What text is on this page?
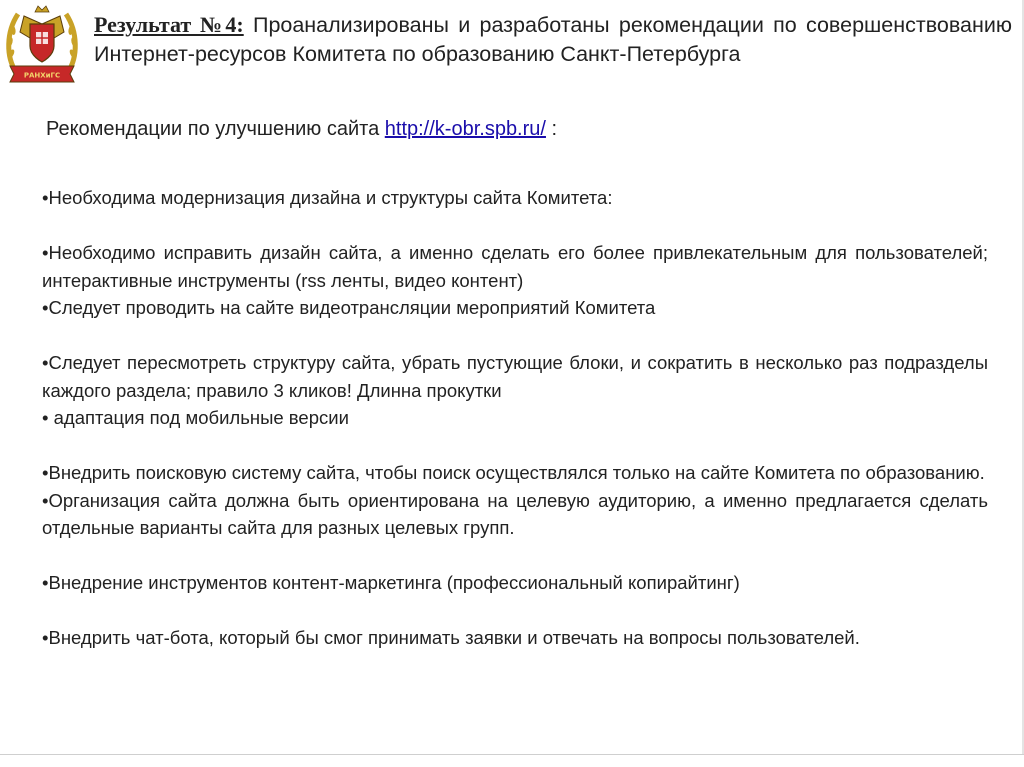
РАНХиГС
Результат №4: Проанализированы и разработаны рекомендации по совершенствованию Интернет-ресурсов Комитета по образованию Санкт-Петербурга
Рекомендации по улучшению сайта http://k-obr.spb.ru/ :

•Необходима модернизация дизайна и структуры сайта Комитета:

•Необходимо исправить дизайн сайта, а именно сделать его более привлекательным для пользователей; интерактивные инструменты (rss ленты, видео контент)

•Следует проводить на сайте видеотрансляции мероприятий Комитета

•Следует пересмотреть структуру сайта, убрать пустующие блоки, и сократить в несколько раз подразделы каждого раздела; правило 3 кликов! Длинна прокутки

• адаптация под мобильные версии

•Внедрить поисковую систему сайта, чтобы поиск осуществлялся только на сайте Комитета по образованию.

•Организация сайта должна быть ориентирована на целевую аудиторию, а именно предлагается сделать отдельные варианты сайта для разных целевых групп.

•Внедрение инструментов контент-маркетинга (профессиональный копирайтинг)

•Внедрить чат-бота, который бы смог принимать заявки и отвечать на вопросы пользователей.
